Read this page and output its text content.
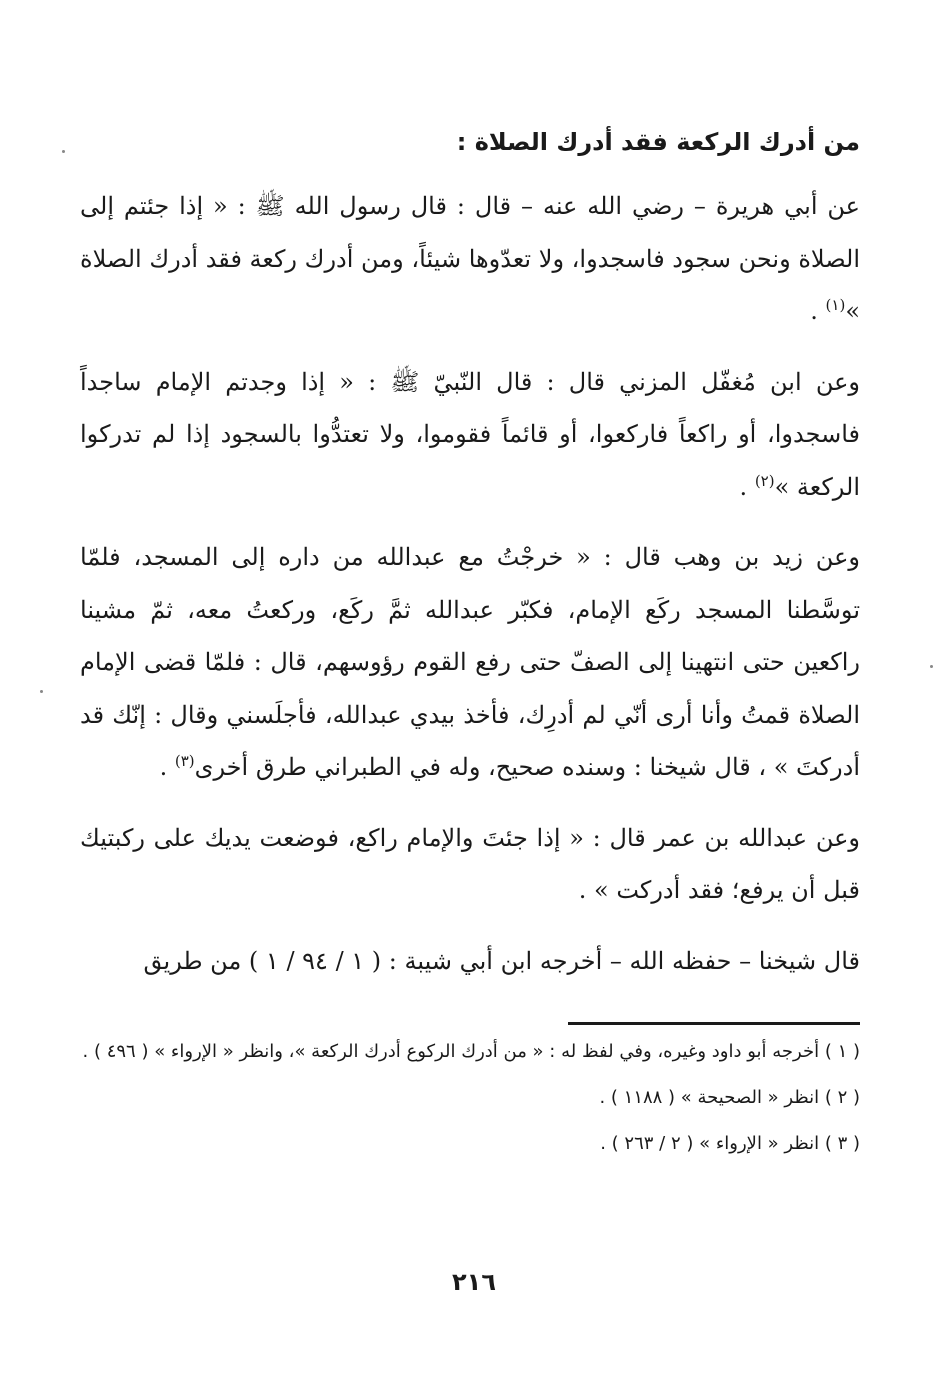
من أدرك الركعة فقد أدرك الصلاة :

عن أبي هريرة – رضي الله عنه – قال : قال رسول الله ﷺ : « إذا جئتم إلى الصلاة ونحن سجود فاسجدوا، ولا تعدّوها شيئاً، ومن أدرك ركعة فقد أدرك الصلاة »$^{(١)}$ .

وعن ابن مُغفّل المزني قال : قال النّبيّ ﷺ : « إذا وجدتم الإمام ساجداً فاسجدوا، أو راكعاً فاركعوا، أو قائماً فقوموا، ولا تعتدُّوا بالسجود إذا لم تدركوا الركعة »$^{(٢)}$ .

وعن زيد بن وهب قال : « خرجْتُ مع عبدالله من داره إلى المسجد، فلمّا توسَّطنا المسجد ركَع الإمام، فكبّر عبدالله ثمَّ ركَع، وركعتُ معه، ثمّ مشينا راكعين حتى انتهينا إلى الصفّ حتى رفع القوم رؤوسهم، قال : فلمّا قضى الإمام الصلاة قمتُ وأنا أرى أنّي لم أدرِك، فأخذ بيدي عبدالله، فأجلَسني وقال : إنّك قد أدركتَ » ، قال شيخنا : وسنده صحيح، وله في الطبراني طرق أخرى$^{(٣)}$ .

وعن عبدالله بن عمر قال : « إذا جئتَ والإمام راكع، فوضعت يديك على ركبتيك قبل أن يرفع؛ فقد أدركت » .

قال شيخنا – حفظه الله – أخرجه ابن أبي شيبة : ( ١ / ٩٤ / ١ ) من طريق

( ١ ) أخرجه أبو داود وغيره، وفي لفظ له : « من أدرك الركوع أدرك الركعة »، وانظر « الإرواء » ( ٤٩٦ ) .
( ٢ ) انظر « الصحيحة » ( ١١٨٨ ) .
( ٣ ) انظر « الإرواء » ( ٢ / ٢٦٣ ) .
٢١٦
